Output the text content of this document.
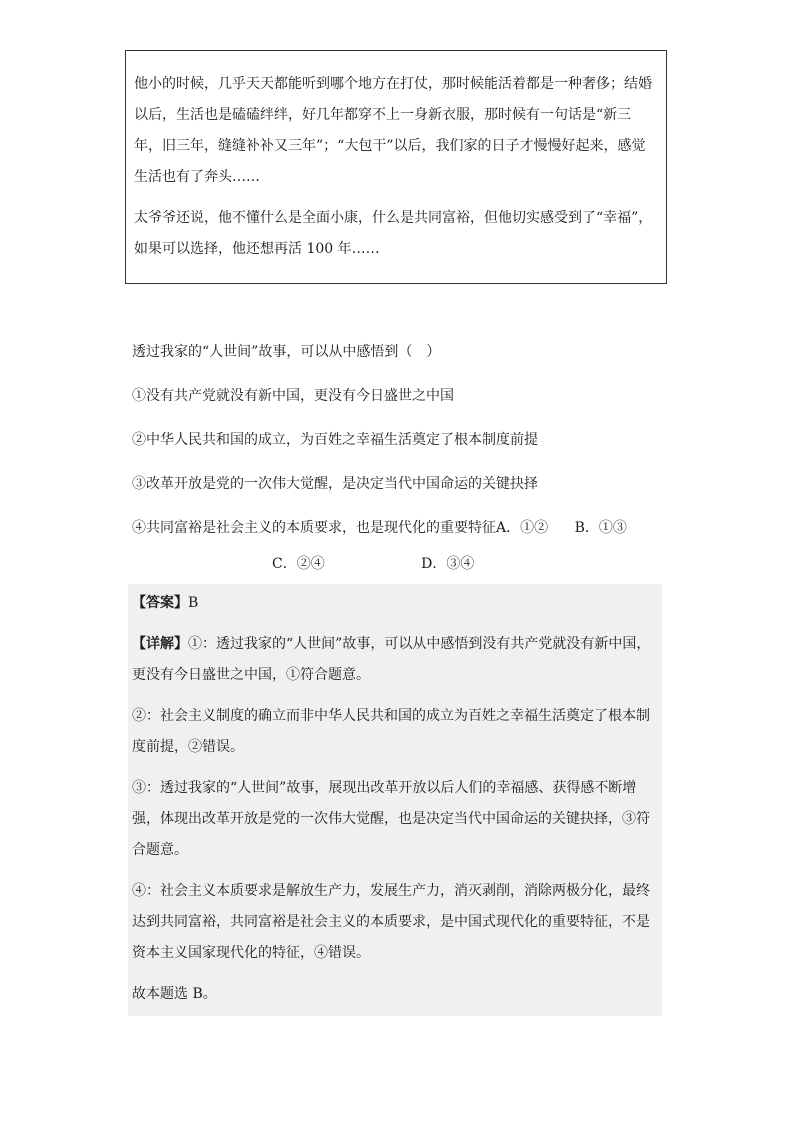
他小的时候，几乎天天都能听到哪个地方在打仗，那时候能活着都是一种奢侈；结婚以后，生活也是磕磕绊绊，好几年都穿不上一身新衣服，那时候有一句话是“新三年，旧三年，缝缝补补又三年”；“大包干”以后，我们家的日子才慢慢好起来，感觉生活也有了奔头……

太爷爷还说，他不懂什么是全面小康，什么是共同富裕，但他切实感受到了“幸福”，如果可以选择，他还想再活 100 年……

透过我家的“人世间”故事，可以从中感悟到（　）

①没有共产党就没有新中国，更没有今日盛世之中国

②中华人民共和国的成立，为百姓之幸福生活奠定了根本制度前提

③改革开放是党的一次伟大觉醒，是决定当代中国命运的关键抉择

④共同富裕是社会主义的本质要求，也是现代化的重要特征A．①② B．①③

C．②④	D．③④

【答案】B

【详解】①：透过我家的“人世间”故事，可以从中感悟到没有共产党就没有新中国，更没有今日盛世之中国，①符合题意。

②：社会主义制度的确立而非中华人民共和国的成立为百姓之幸福生活奠定了根本制度前提，②错误。

③：透过我家的“人世间”故事，展现出改革开放以后人们的幸福感、获得感不断增强，体现出改革开放是党的一次伟大觉醒，也是决定当代中国命运的关键抉择，③符合题意。

④：社会主义本质要求是解放生产力，发展生产力，消灭剥削，消除两极分化，最终达到共同富裕，共同富裕是社会主义的本质要求，是中国式现代化的重要特征，不是资本主义国家现代化的特征，④错误。

故本题选 B。
